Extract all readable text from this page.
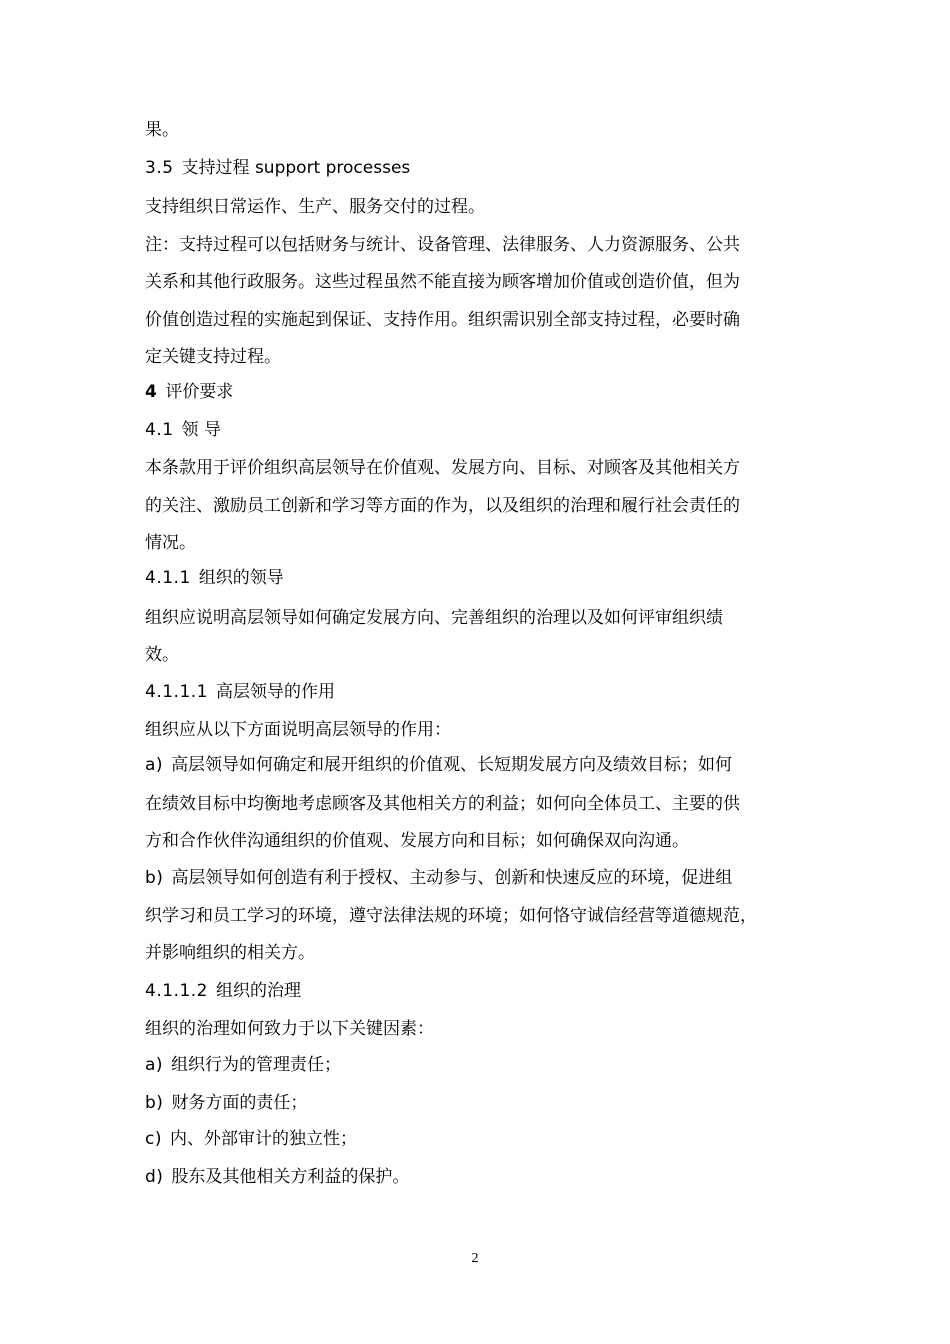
果。
3.5 支持过程 support processes
支持组织日常运作、生产、服务交付的过程。
注：支持过程可以包括财务与统计、设备管理、法律服务、人力资源服务、公共
关系和其他行政服务。这些过程虽然不能直接为顾客增加价值或创造价值，但为
价值创造过程的实施起到保证、支持作用。组织需识别全部支持过程，必要时确
定关键支持过程。
4 评价要求
4.1 领 导
本条款用于评价组织高层领导在价值观、发展方向、目标、对顾客及其他相关方
的关注、激励员工创新和学习等方面的作为，以及组织的治理和履行社会责任的
情况。
4.1.1 组织的领导
组织应说明高层领导如何确定发展方向、完善组织的治理以及如何评审组织绩
效。
4.1.1.1 高层领导的作用
组织应从以下方面说明高层领导的作用：
a) 高层领导如何确定和展开组织的价值观、长短期发展方向及绩效目标；如何
在绩效目标中均衡地考虑顾客及其他相关方的利益；如何向全体员工、主要的供
方和合作伙伴沟通组织的价值观、发展方向和目标；如何确保双向沟通。
b) 高层领导如何创造有利于授权、主动参与、创新和快速反应的环境，促进组
织学习和员工学习的环境，遵守法律法规的环境；如何恪守诚信经营等道德规范，
并影响组织的相关方。
4.1.1.2 组织的治理
组织的治理如何致力于以下关键因素：
a) 组织行为的管理责任；
b) 财务方面的责任；
c) 内、外部审计的独立性；
d) 股东及其他相关方利益的保护。
2
